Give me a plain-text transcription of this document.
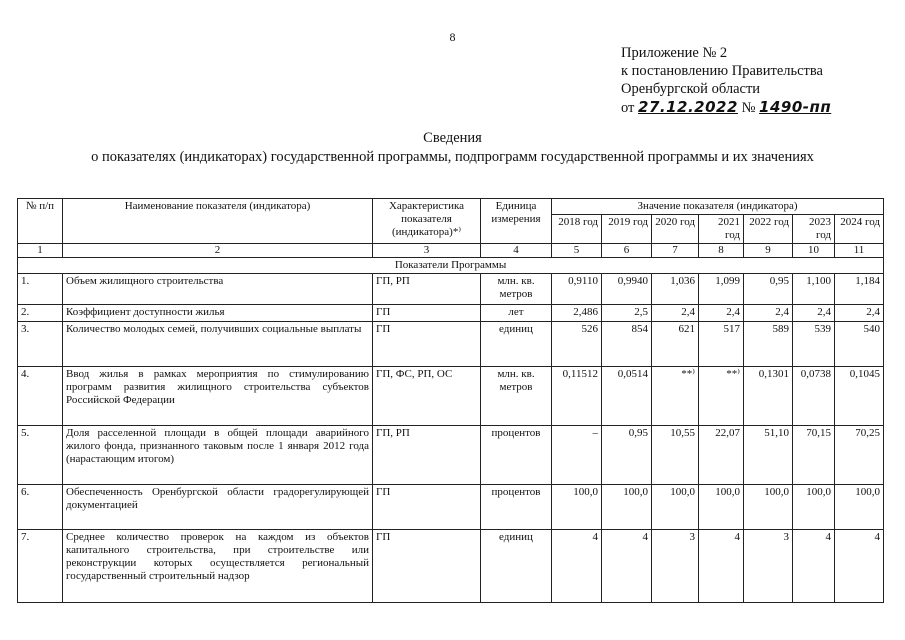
8
Приложение № 2
к постановлению Правительства
Оренбургской области
от 27.12.2022 № 1490-пп
Сведения
о показателях (индикаторах) государственной программы, подпрограмм государственной программы и их значениях
№ п/п	Наименование показателя (индикатора)	Характеристика показателя (индикатора)*⁾	Единица измерения	Значение показателя (индикатора)						
				2018 год	2019 год	2020 год	2021 год	2022 год	2023 год	2024 год
1	2	3	4	5	6	7	8	9	10	11
Показатели Программы										
1.	Объем жилищного строительства	ГП, РП	млн. кв. метров	0,9110	0,9940	1,036	1,099	0,95	1,100	1,184
2.	Коэффициент доступности жилья	ГП	лет	2,486	2,5	2,4	2,4	2,4	2,4	2,4
3.	Количество молодых семей, получивших социальные выплаты	ГП	единиц	526	854	621	517	589	539	540
4.	Ввод жилья в рамках мероприятия по стимулированию программ развития жилищного строительства субъектов Российской Федерации	ГП, ФС, РП, ОС	млн. кв. метров	0,11512	0,0514	**⁾	**⁾	0,1301	0,0738	0,1045
5.	Доля расселенной площади в общей площади аварийного жилого фонда, признанного таковым после 1 января 2012 года (нарастающим итогом)	ГП, РП	процентов	–	0,95	10,55	22,07	51,10	70,15	70,25
6.	Обеспеченность Оренбургской области градорегулирующей документацией	ГП	процентов	100,0	100,0	100,0	100,0	100,0	100,0	100,0
7.	Среднее количество проверок на каждом из объектов капитального строительства, при строительстве или реконструкции которых осуществляется региональный государственный строительный надзор	ГП	единиц	4	4	3	4	3	4	4
